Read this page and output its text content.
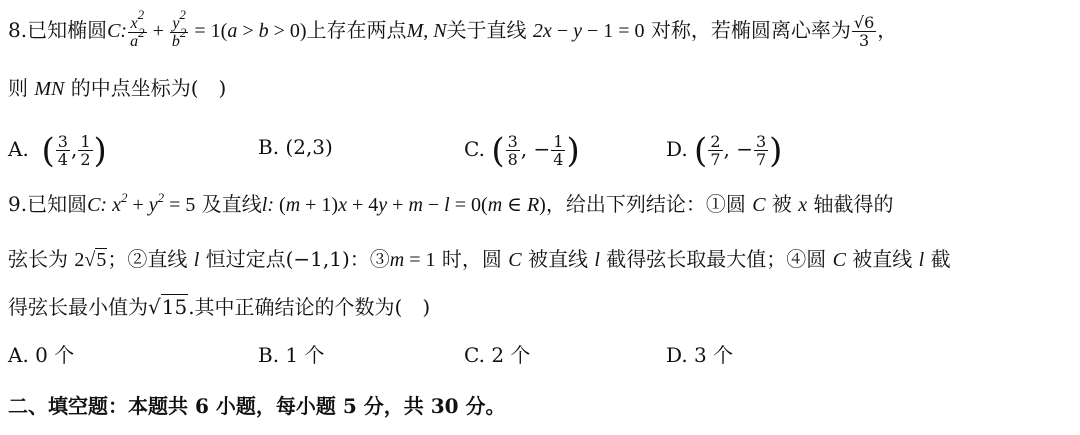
8.已知椭圆C: $\frac{x^2}{a^2} + \frac{y^2}{b^2} = 1(a > b > 0)$上存在两点M, N关于直线 2x − y − 1 = 0 对称，若椭圆离心率为 $\frac{√6}{3}$ ，
则 MN 的中点坐标为(　)
A. ( $\frac{3}{4}$ , $\frac{1}{2}$ )	B. (2,3)	C. ( $\frac{3}{8}$ , − $\frac{1}{4}$ )	D. ( $\frac{2}{7}$ , − $\frac{3}{7}$ )
9.已知圆C: $x^2 + y^2 = 5$ 及直线l: (m + 1)x + 4y + m − l = 0(m ∈ R)，给出下列结论：①圆 C 被 x 轴截得的
弦长为 2√5；②直线 l 恒过定点(−1,1)：③m = 1 时，圆 C 被直线 l 截得弦长取最大值；④圆 C 被直线 l 截
得弦长最小值为√15.其中正确结论的个数为(　)
A. 0 个	B. 1 个	C. 2 个	D. 3 个
二、填空题：本题共 6 小题，每小题 5 分，共 30 分。
